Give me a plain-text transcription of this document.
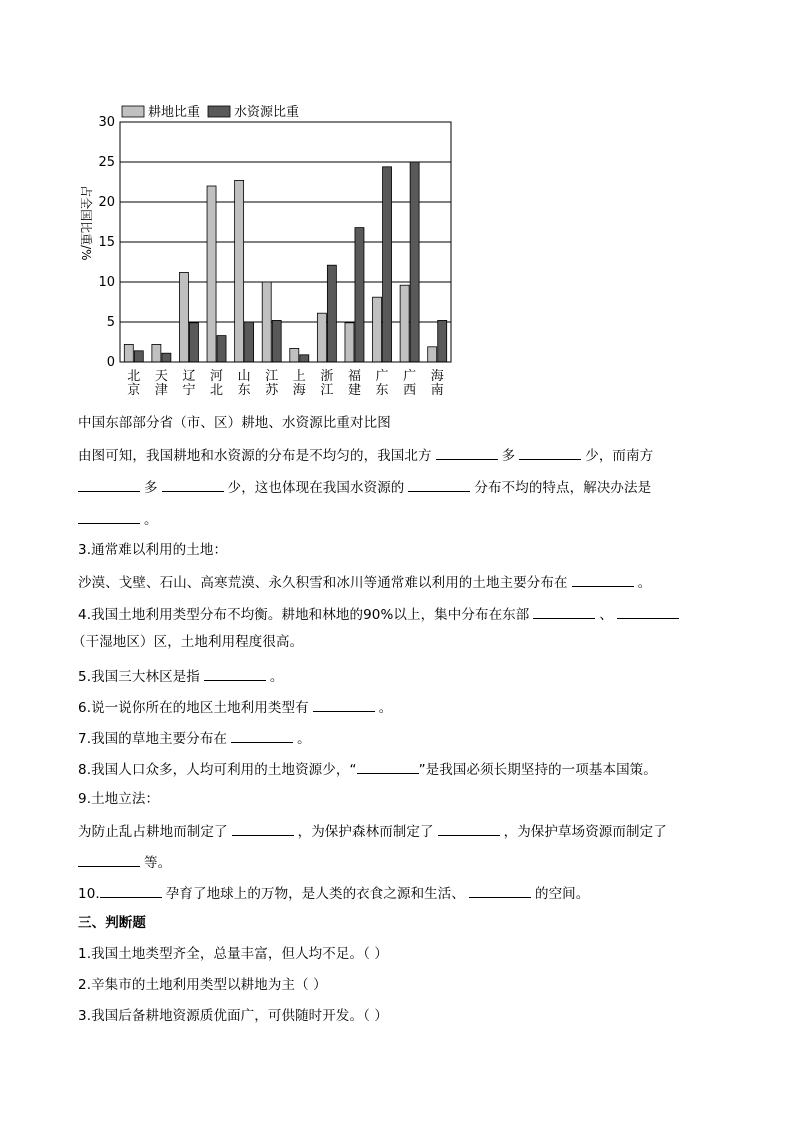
耕地比重	水资源比重
占全国比重/%
0
5
10
15
20
25
30
北
京
天
津
辽
宁
河
北
山
东
江
苏
上
海
浙
江
福
建
广
东
广
西
海
南
中国东部部分省（市、区）耕地、水资源比重对比图
由图可知，我国耕地和水资源的分布是不均匀的，我国北方	多	少，而南方
多	少，这也体现在我国水资源的	分布不均的特点，解决办法是
。
3.通常难以利用的土地：
沙漠、戈壁、石山、高寒荒漠、永久积雪和冰川等通常难以利用的土地主要分布在	。
4.我国土地利用类型分布不均衡。耕地和林地的90%以上，集中分布在东部	、
（干湿地区）区，土地利用程度很高。
5.我国三大林区是指	。
6.说一说你所在的地区土地利用类型有	。
7.我国的草地主要分布在	。
8.我国人口众多，人均可利用的土地资源少，“	”是我国必须长期坚持的一项基本国策。
9.土地立法：
为防止乱占耕地而制定了	，为保护森林而制定了	，为保护草场资源而制定了
等。
10.	孕育了地球上的万物，是人类的衣食之源和生活、	的空间。
三、判断题
1.我国土地类型齐全，总量丰富，但人均不足。（ ）
2.辛集市的土地利用类型以耕地为主（ ）
3.我国后备耕地资源质优面广，可供随时开发。（ ）
